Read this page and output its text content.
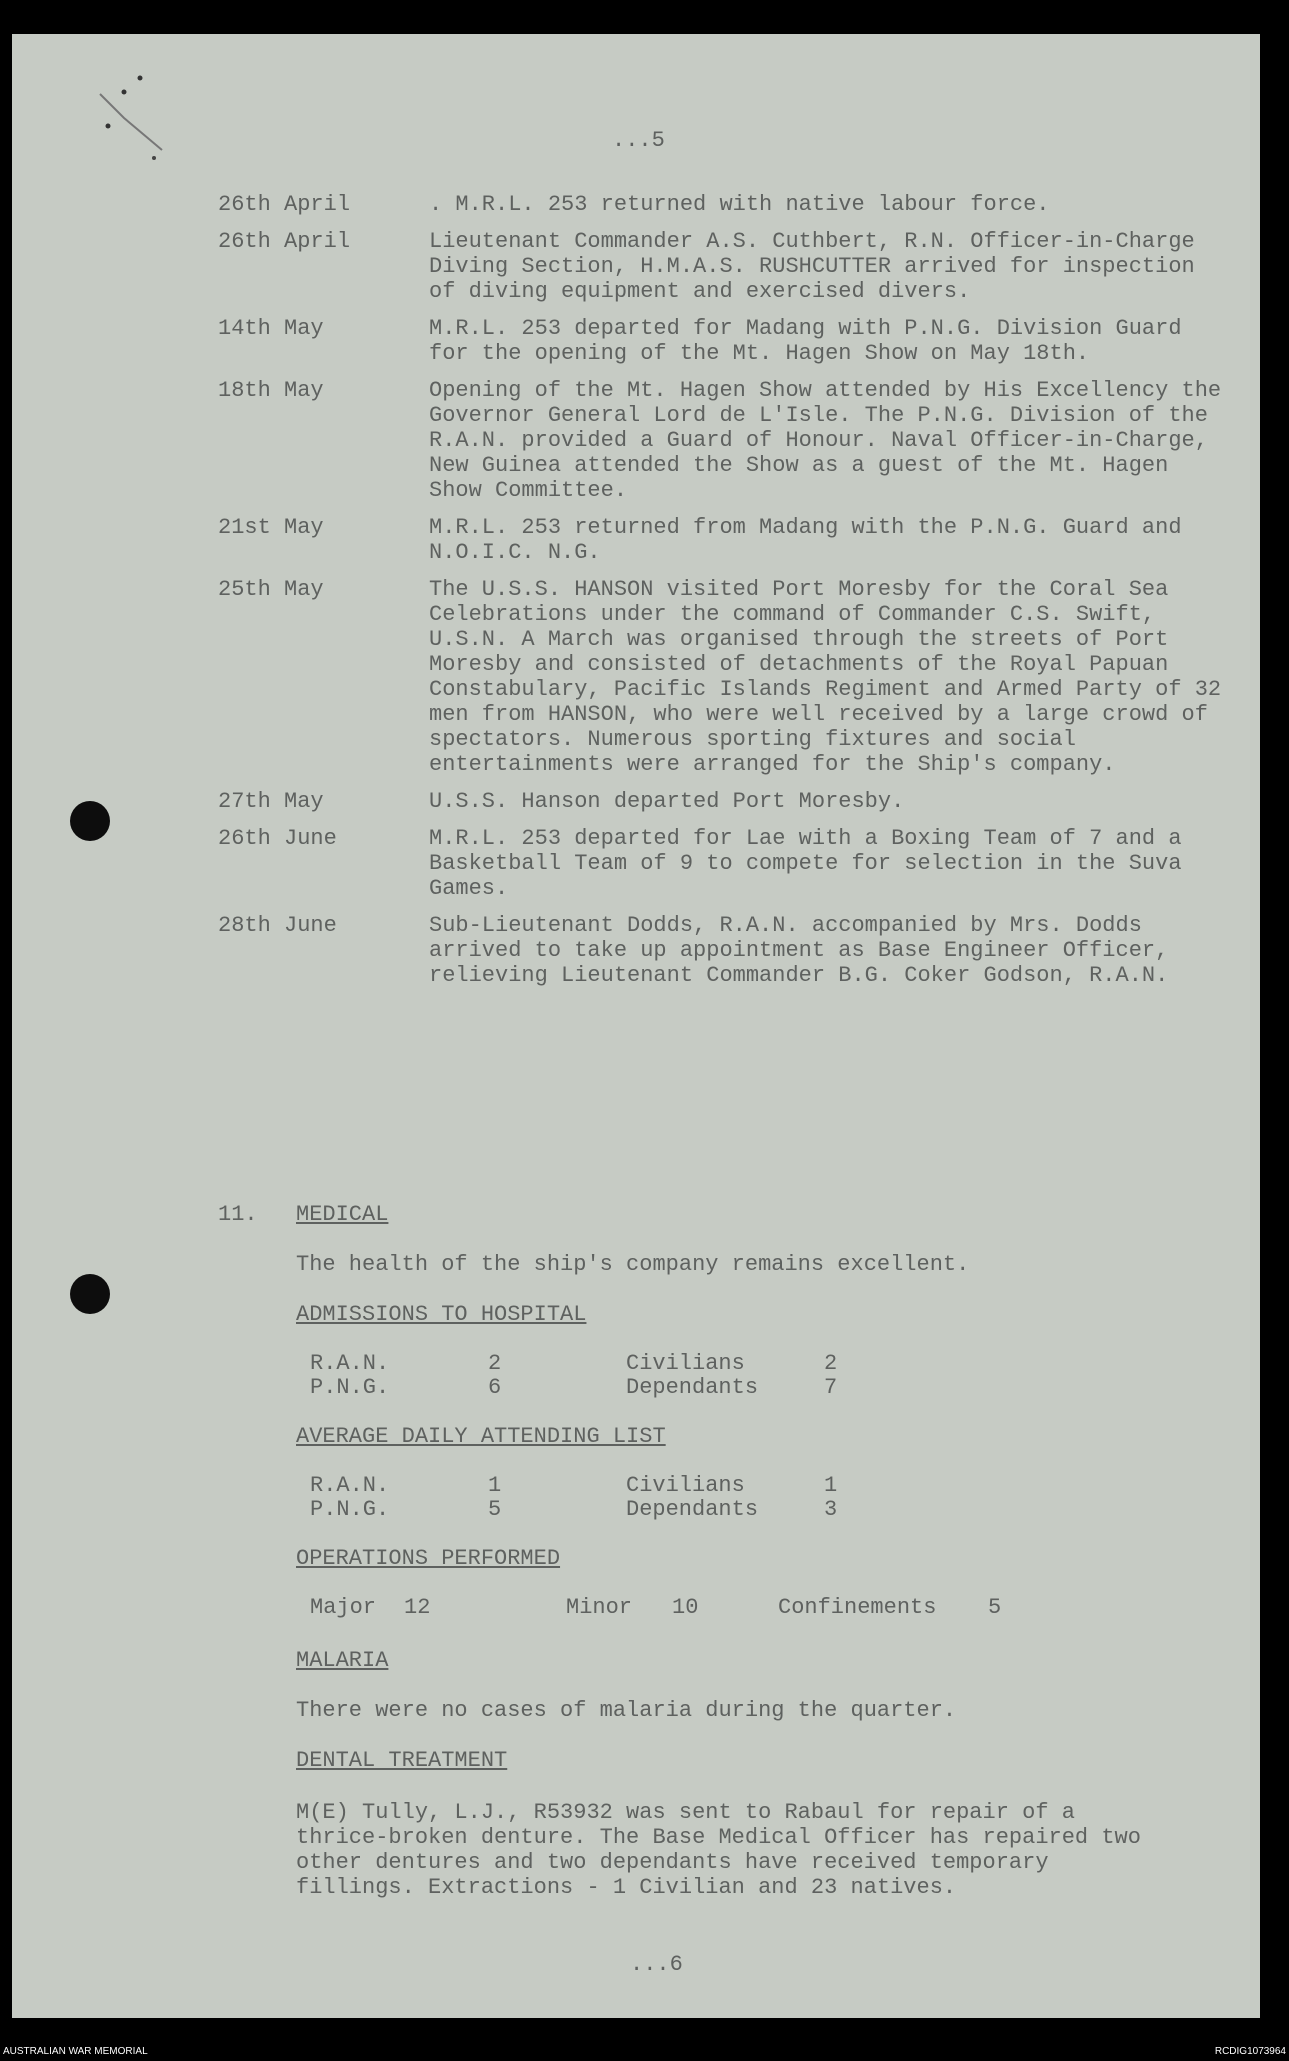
...5
26th April	. M.R.L. 253 returned with native labour force.
26th April	Lieutenant Commander A.S. Cuthbert, R.N. Officer-in-Charge Diving Section, H.M.A.S. RUSHCUTTER arrived for inspection of diving equipment and exercised divers.
14th May	M.R.L. 253 departed for Madang with P.N.G. Division Guard for the opening of the Mt. Hagen Show on May 18th.
18th May	Opening of the Mt. Hagen Show attended by His Excellency the Governor General Lord de L'Isle. The P.N.G. Division of the R.A.N. provided a Guard of Honour. Naval Officer-in-Charge, New Guinea attended the Show as a guest of the Mt. Hagen Show Committee.
21st May	M.R.L. 253 returned from Madang with the P.N.G. Guard and N.O.I.C. N.G.
25th May	The U.S.S. HANSON visited Port Moresby for the Coral Sea Celebrations under the command of Commander C.S. Swift, U.S.N. A March was organised through the streets of Port Moresby and consisted of detachments of the Royal Papuan Constabulary, Pacific Islands Regiment and Armed Party of 32 men from HANSON, who were well received by a large crowd of spectators. Numerous sporting fixtures and social entertainments were arranged for the Ship's company.
27th May	U.S.S. Hanson departed Port Moresby.
26th June	M.R.L. 253 departed for Lae with a Boxing Team of 7 and a Basketball Team of 9 to compete for selection in the Suva Games.
28th June	Sub-Lieutenant Dodds, R.A.N. accompanied by Mrs. Dodds arrived to take up appointment as Base Engineer Officer, relieving Lieutenant Commander B.G. Coker Godson, R.A.N.
11. MEDICAL
The health of the ship's company remains excellent.
ADMISSIONS TO HOSPITAL
R.A.N.	2	Civilians	2
P.N.G.	6	Dependants	7
AVERAGE DAILY ATTENDING LIST
R.A.N.	1	Civilians	1
P.N.G.	5	Dependants	3
OPERATIONS PERFORMED
Major 12	Minor 10	Confinements 5
MALARIA
There were no cases of malaria during the quarter.
DENTAL TREATMENT
M(E) Tully, L.J., R53932 was sent to Rabaul for repair of a thrice-broken denture. The Base Medical Officer has repaired two other dentures and two dependants have received temporary fillings. Extractions - 1 Civilian and 23 natives.
...6
AUSTRALIAN WAR MEMORIAL	RCDIG1073964
